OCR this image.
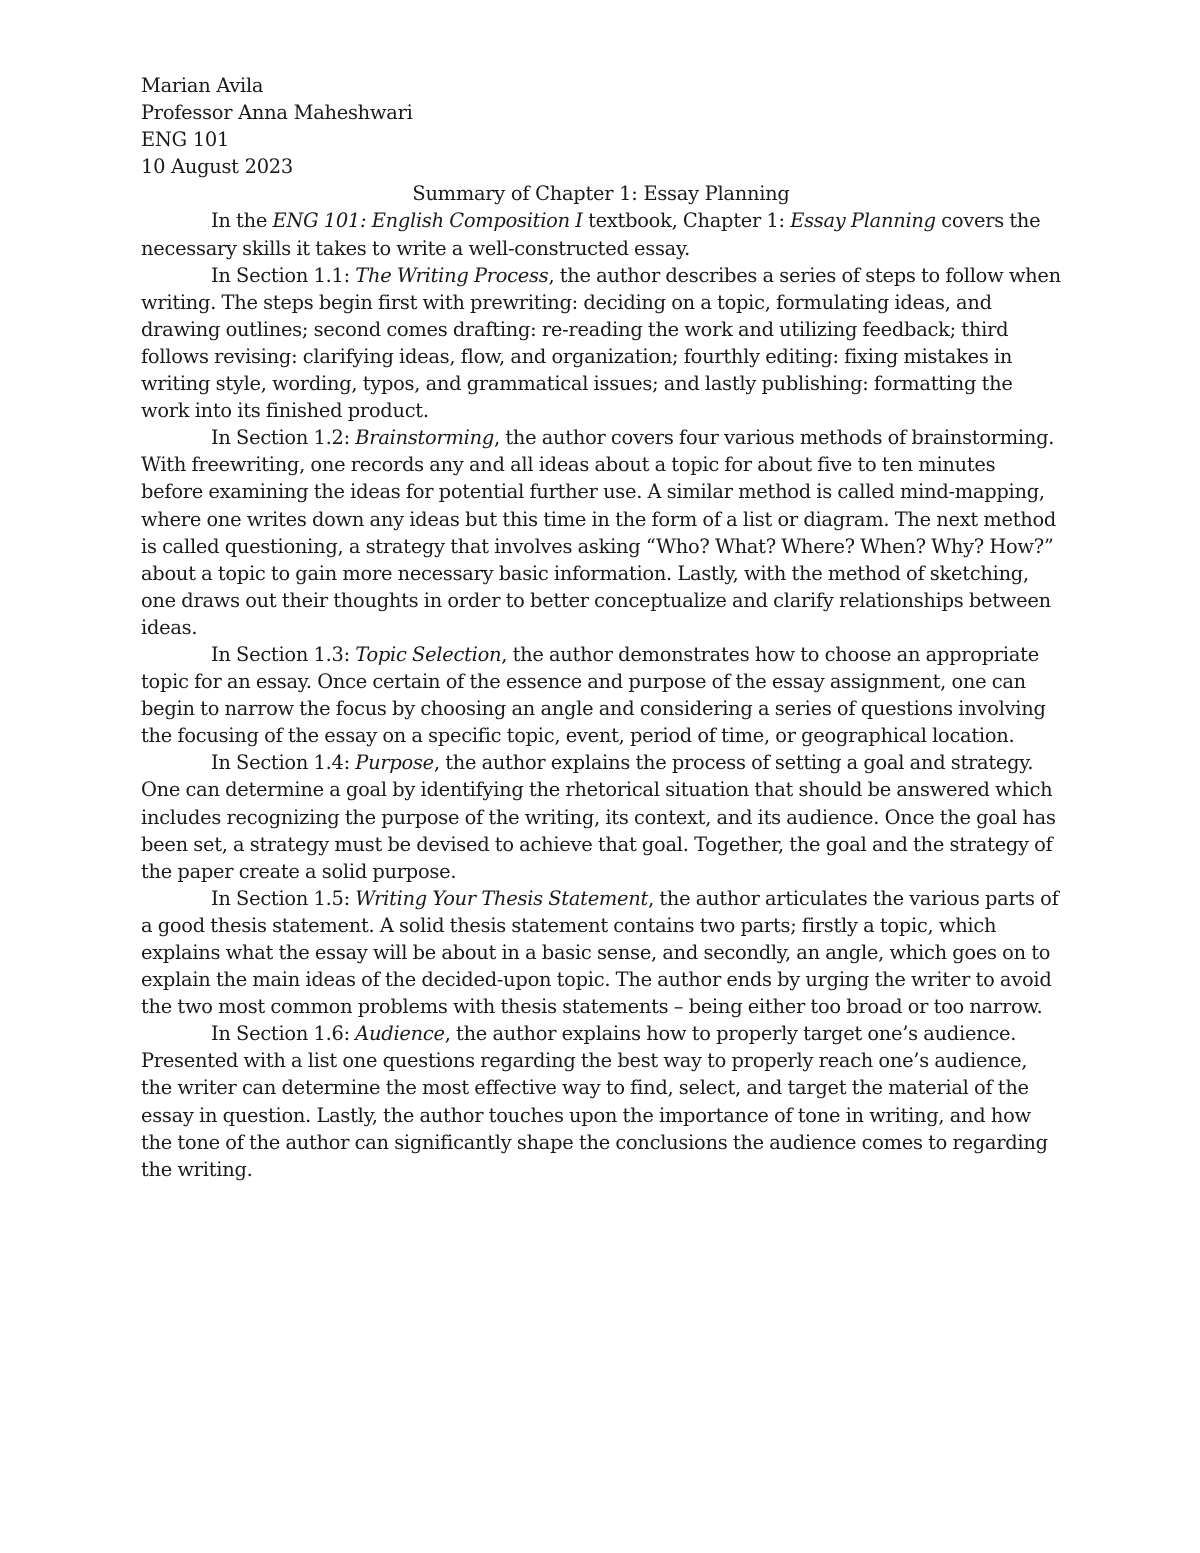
Marian Avila
Professor Anna Maheshwari
ENG 101
10 August 2023
Summary of Chapter 1: Essay Planning

In the ENG 101: English Composition I textbook, Chapter 1: Essay Planning covers the necessary skills it takes to write a well-constructed essay.

In Section 1.1: The Writing Process, the author describes a series of steps to follow when writing. The steps begin first with prewriting: deciding on a topic, formulating ideas, and drawing outlines; second comes drafting: re-reading the work and utilizing feedback; third follows revising: clarifying ideas, flow, and organization; fourthly editing: fixing mistakes in writing style, wording, typos, and grammatical issues; and lastly publishing: formatting the work into its finished product.

In Section 1.2: Brainstorming, the author covers four various methods of brainstorming. With freewriting, one records any and all ideas about a topic for about five to ten minutes before examining the ideas for potential further use. A similar method is called mind-mapping, where one writes down any ideas but this time in the form of a list or diagram. The next method is called questioning, a strategy that involves asking “Who? What? Where? When? Why? How?” about a topic to gain more necessary basic information. Lastly, with the method of sketching, one draws out their thoughts in order to better conceptualize and clarify relationships between ideas.

In Section 1.3: Topic Selection, the author demonstrates how to choose an appropriate topic for an essay. Once certain of the essence and purpose of the essay assignment, one can begin to narrow the focus by choosing an angle and considering a series of questions involving the focusing of the essay on a specific topic, event, period of time, or geographical location.

In Section 1.4: Purpose, the author explains the process of setting a goal and strategy. One can determine a goal by identifying the rhetorical situation that should be answered which includes recognizing the purpose of the writing, its context, and its audience. Once the goal has been set, a strategy must be devised to achieve that goal. Together, the goal and the strategy of the paper create a solid purpose.

In Section 1.5: Writing Your Thesis Statement, the author articulates the various parts of a good thesis statement. A solid thesis statement contains two parts; firstly a topic, which explains what the essay will be about in a basic sense, and secondly, an angle, which goes on to explain the main ideas of the decided-upon topic. The author ends by urging the writer to avoid the two most common problems with thesis statements – being either too broad or too narrow.

In Section 1.6: Audience, the author explains how to properly target one’s audience. Presented with a list one questions regarding the best way to properly reach one’s audience, the writer can determine the most effective way to find, select, and target the material of the essay in question. Lastly, the author touches upon the importance of tone in writing, and how the tone of the author can significantly shape the conclusions the audience comes to regarding the writing.
